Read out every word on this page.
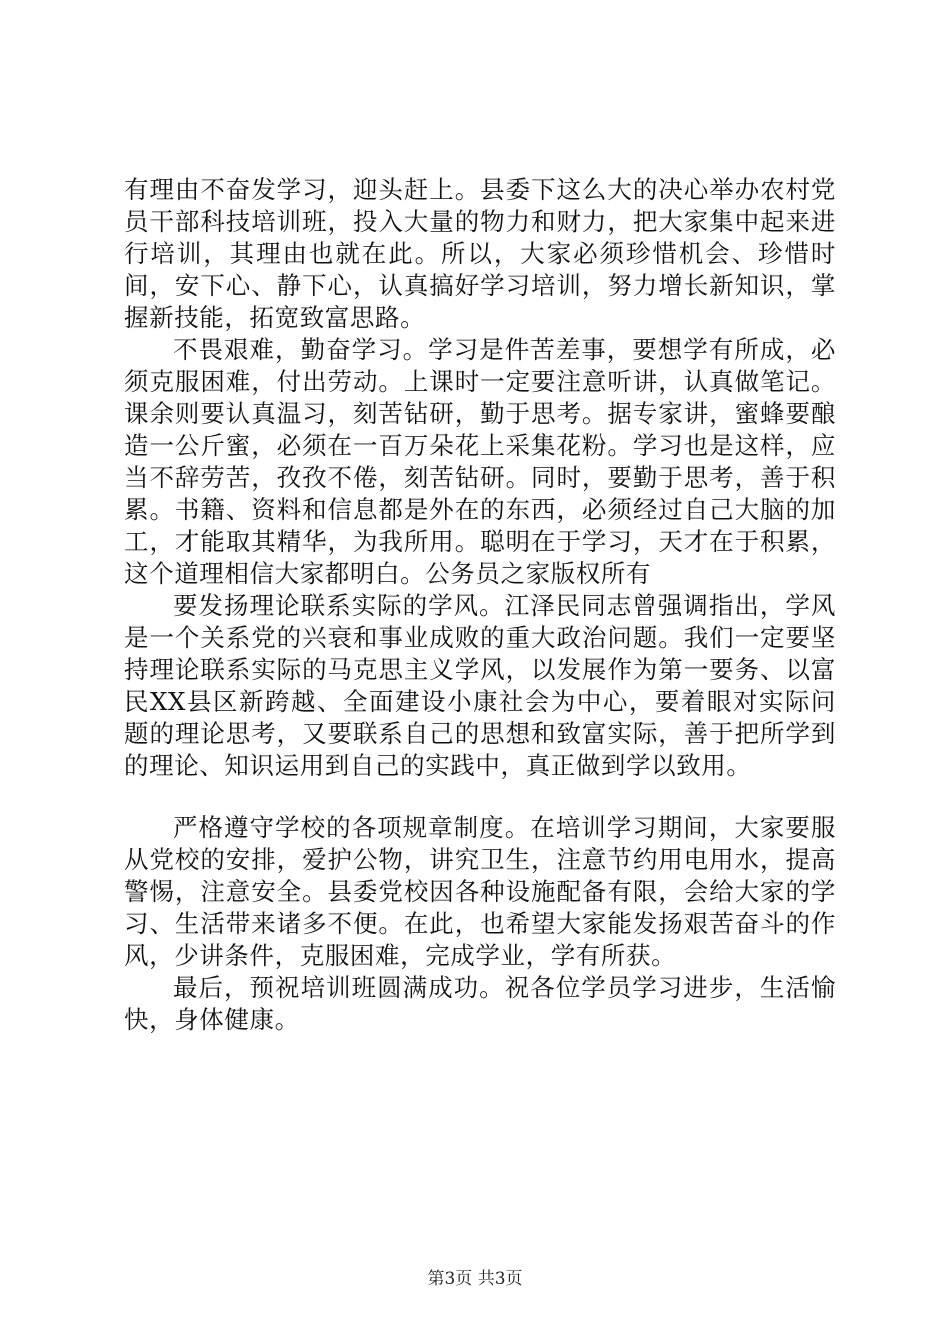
有理由不奋发学习，迎头赶上。县委下这么大的决心举办农村党员干部科技培训班，投入大量的物力和财力，把大家集中起来进行培训，其理由也就在此。所以，大家必须珍惜机会、珍惜时间，安下心、静下心，认真搞好学习培训，努力增长新知识，掌握新技能，拓宽致富思路。

不畏艰难，勤奋学习。学习是件苦差事，要想学有所成，必须克服困难，付出劳动。上课时一定要注意听讲，认真做笔记。课余则要认真温习，刻苦钻研，勤于思考。据专家讲，蜜蜂要酿造一公斤蜜，必须在一百万朵花上采集花粉。学习也是这样，应当不辞劳苦，孜孜不倦，刻苦钻研。同时，要勤于思考，善于积累。书籍、资料和信息都是外在的东西，必须经过自己大脑的加工，才能取其精华，为我所用。聪明在于学习，天才在于积累，这个道理相信大家都明白。公务员之家版权所有

要发扬理论联系实际的学风。江泽民同志曾强调指出，学风是一个关系党的兴衰和事业成败的重大政治问题。我们一定要坚持理论联系实际的马克思主义学风，以发展作为第一要务、以富民XX县区新跨越、全面建设小康社会为中心，要着眼对实际问题的理论思考，又要联系自己的思想和致富实际，善于把所学到的理论、知识运用到自己的实践中，真正做到学以致用。

严格遵守学校的各项规章制度。在培训学习期间，大家要服从党校的安排，爱护公物，讲究卫生，注意节约用电用水，提高警惕，注意安全。县委党校因各种设施配备有限，会给大家的学习、生活带来诸多不便。在此，也希望大家能发扬艰苦奋斗的作风，少讲条件，克服困难，完成学业，学有所获。

最后，预祝培训班圆满成功。祝各位学员学习进步，生活愉快，身体健康。

第3页 共3页
